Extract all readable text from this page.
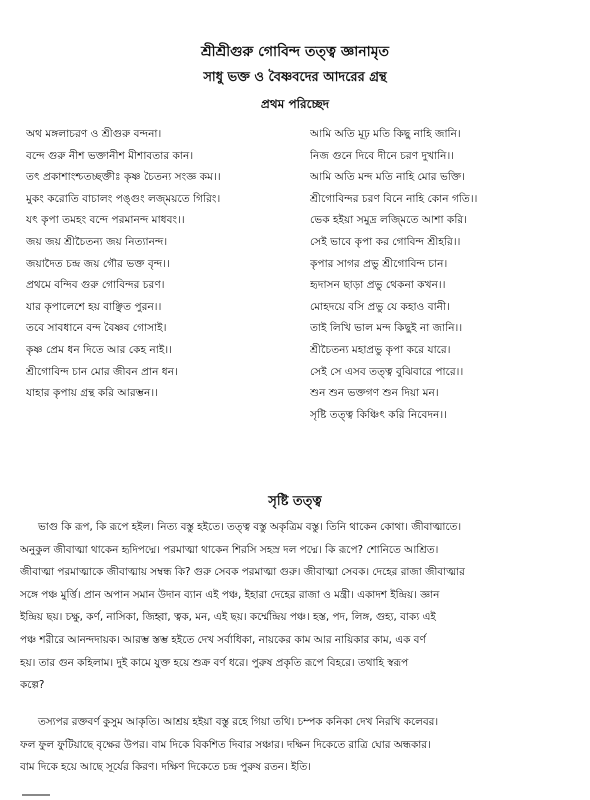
শ্রীশ্রীগুরু গোবিন্দ তত্ত্ব জ্ঞানামৃত
সাধু ভক্ত ও বৈষ্ণবদের আদরের গ্রন্থ
প্রথম পরিচ্ছেদ
অথ মঙ্গলাচরণ ও শ্রীগুরু বন্দনা।
বন্দে গুরু নীশ ভক্তানীশ মীশাবতার কান।
তৎ প্রকাশাংশ্চতচ্ছক্তীঃ কৃষ্ণ চৈতন্য সংজ্ঞ কম।।
মুকং করোতি বাচালং পঙ্গুং লজ্ময়তে গিরিং।
যৎ কৃপা তমহং বন্দে পরমানন্দ মাধবং।।
জয় জয় শ্রীচৈতন্য জয় নিত্যানন্দ।
জয়াদৈত চন্দ্র জয় গৌর ভক্ত বৃন্দ।।
প্রথমে বন্দিব গুরু গোবিন্দর চরণ।
যার কৃপালেশে হয় বাঞ্ছিত পুরন।।
তবে সাবধানে বন্দ বৈষ্ণব গোসাই।
কৃষ্ণ প্রেম ধন দিতে আর কেহ নাই।।
শ্রীগোবিন্দ চান মোর জীবন প্রান ধন।
যাহার কৃপায় গ্রন্থ করি আরম্ভন।।
আমি অতি মূঢ় মতি কিছু নাহি জানি।
নিজ গুনে দিবে দীনে চরণ দুখানি।।
আমি অতি মন্দ মতি নাহি মোর ভক্তি।
শ্রীগোবিন্দর চরণ বিনে নাহি কোন গতি।।
ভেক হইয়া সমুদ্র লজ্মিতে আশা করি।
সেই ভাবে কৃপা কর গোবিন্দ শ্রীহরি।।
কৃপার সাগর প্রভু শ্রীগোবিন্দ চান।
হৃদাসন ছাড়া প্রভু থেকনা কখন।।
মোহদয়ে বসি প্রভু যে কহাও বানী।
তাই লিখি ভাল মন্দ কিছুই না জানি।।
শ্রীচৈতন্য মহাপ্রভু কৃপা করে যারে।
সেই সে এসব তত্ত্ব বুঝিবারে পারে।।
শুন শুন ভক্তগণ শুন দিয়া মন।
সৃষ্টি তত্ত্ব কিঞ্চিৎ করি নিবেদন।।
সৃষ্টি তত্ত্ব
ভাগু কি রূপ, কি রূপে হইল। নিত্য বস্তু হইতে। তত্ত্ব বস্তু অকৃত্রিম বস্তু। তিনি থাকেন কোথা। জীবাত্মাতে।
অনুকুল জীবাত্মা থাকেন হৃদিপদ্মে। পরমাত্মা থাকেন শিরসি সহস্র দল পদ্মে। কি রূপে? শোনিতে আশ্রিত।
জীবাত্মা পরমাত্মাকে জীবাত্মায় সম্বন্ধ কি? গুরু সেবক পরমাত্মা গুরু। জীবাত্মা সেবক। দেহের রাজা জীবাত্মার
সঙ্গে পঞ্চ মুর্ত্তি। প্রান অপান সমান উদান ব্যান এই পঞ্চ, ইহারা দেহের রাজা ও মন্ত্রী। একাদশ ইন্দ্রিয়। জ্ঞান
ইন্দ্রিয় ছয়। চক্ষু, কর্ণ, নাসিকা, জিহ্বা, ত্বক, মন, এই ছয়। কর্ম্মেন্দ্রিয় পঞ্চ। হস্ত, পদ, লিঙ্গ, গুহ্য, বাক্য এই
পঞ্চ শরীরে আনন্দদায়ক। আরম্ভ স্তম্ভ হইতে দেখ সর্বাধিকা, নায়কের কাম আর নায়িকার কাম, এক বর্ণ
হয়। তার গুন কহিলাম। দুই কামে যুক্ত হয়ে শুক্র বর্ণ ধরে। পুরুষ প্রকৃতি রূপে বিহরে। তথাহি স্বরূপ
কল্পে?
তস্যপর রক্তবর্ণ কুসুম আকৃতি। আশ্রয় হইয়া বস্তু রহে গিয়া তথি। চম্পক কনিকা দেখ নিরখি কলেবর।
ফল ফুল ফুটিয়াছে বৃক্ষের উপর। বাম দিকে বিকশিত দিবার সঞ্চার। দক্ষিন দিকেতে রাত্রি ঘোর অন্ধকার।
বাম দিকে হয়ে আছে সূর্যের কিরণ। দক্ষিণ দিকেতে চন্দ্র পুরুষ রতন। ইতি।
